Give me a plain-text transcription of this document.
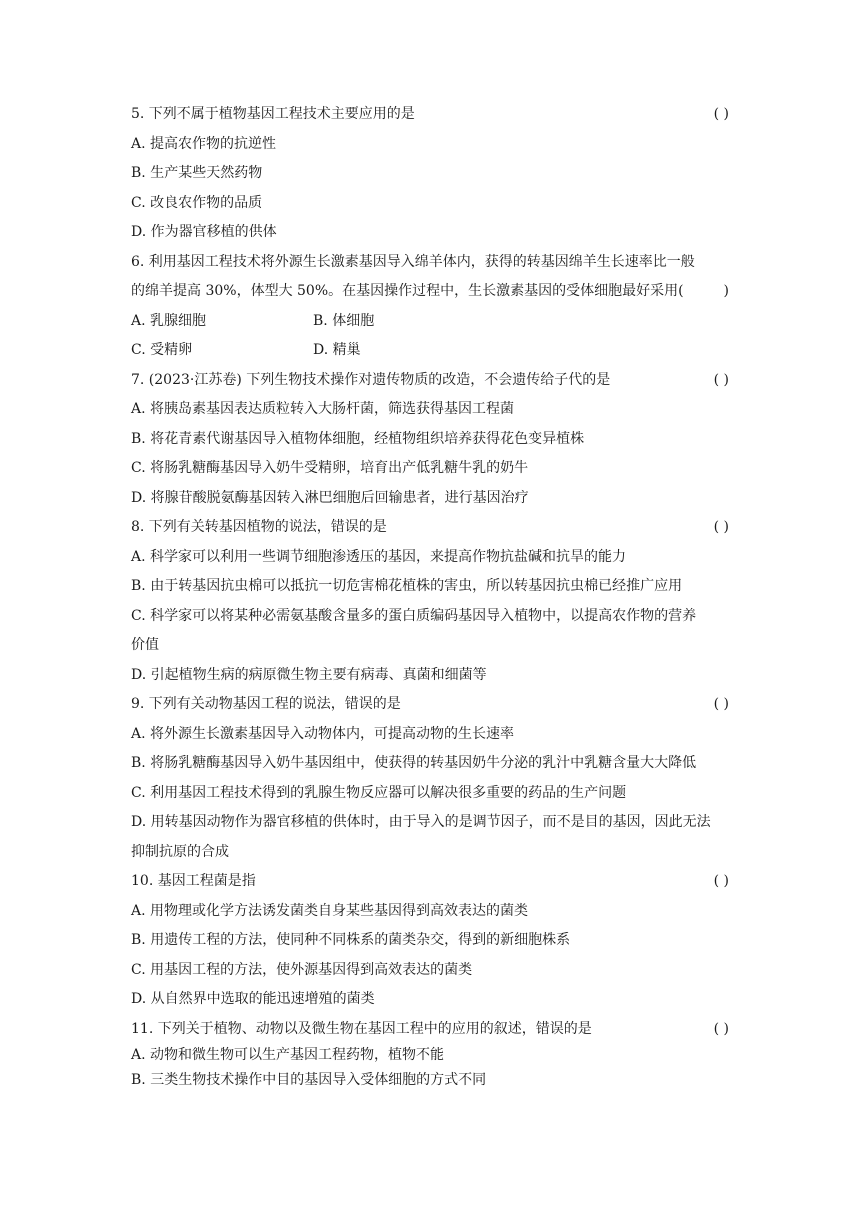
5. 下列不属于植物基因工程技术主要应用的是	( )
A. 提高农作物的抗逆性
B. 生产某些天然药物
C. 改良农作物的品质
D. 作为器官移植的供体
6. 利用基因工程技术将外源生长激素基因导入绵羊体内，获得的转基因绵羊生长速率比一般
的绵羊提高 30%，体型大 50%。在基因操作过程中，生长激素基因的受体细胞最好采用(	)
A. 乳腺细胞	B. 体细胞
C. 受精卵	D. 精巢
7. (2023·江苏卷) 下列生物技术操作对遗传物质的改造，不会遗传给子代的是	( )
A. 将胰岛素基因表达质粒转入大肠杆菌，筛选获得基因工程菌
B. 将花青素代谢基因导入植物体细胞，经植物组织培养获得花色变异植株
C. 将肠乳糖酶基因导入奶牛受精卵，培育出产低乳糖牛乳的奶牛
D. 将腺苷酸脱氨酶基因转入淋巴细胞后回输患者，进行基因治疗
8. 下列有关转基因植物的说法，错误的是	( )
A. 科学家可以利用一些调节细胞渗透压的基因，来提高作物抗盐碱和抗旱的能力
B. 由于转基因抗虫棉可以抵抗一切危害棉花植株的害虫，所以转基因抗虫棉已经推广应用
C. 科学家可以将某种必需氨基酸含量多的蛋白质编码基因导入植物中，以提高农作物的营养
价值
D. 引起植物生病的病原微生物主要有病毒、真菌和细菌等
9. 下列有关动物基因工程的说法，错误的是	( )
A. 将外源生长激素基因导入动物体内，可提高动物的生长速率
B. 将肠乳糖酶基因导入奶牛基因组中，使获得的转基因奶牛分泌的乳汁中乳糖含量大大降低
C. 利用基因工程技术得到的乳腺生物反应器可以解决很多重要的药品的生产问题
D. 用转基因动物作为器官移植的供体时，由于导入的是调节因子，而不是目的基因，因此无法
抑制抗原的合成
10. 基因工程菌是指	( )
A. 用物理或化学方法诱发菌类自身某些基因得到高效表达的菌类
B. 用遗传工程的方法，使同种不同株系的菌类杂交，得到的新细胞株系
C. 用基因工程的方法，使外源基因得到高效表达的菌类
D. 从自然界中选取的能迅速增殖的菌类
11. 下列关于植物、动物以及微生物在基因工程中的应用的叙述，错误的是	( )
A. 动物和微生物可以生产基因工程药物，植物不能
B. 三类生物技术操作中目的基因导入受体细胞的方式不同
